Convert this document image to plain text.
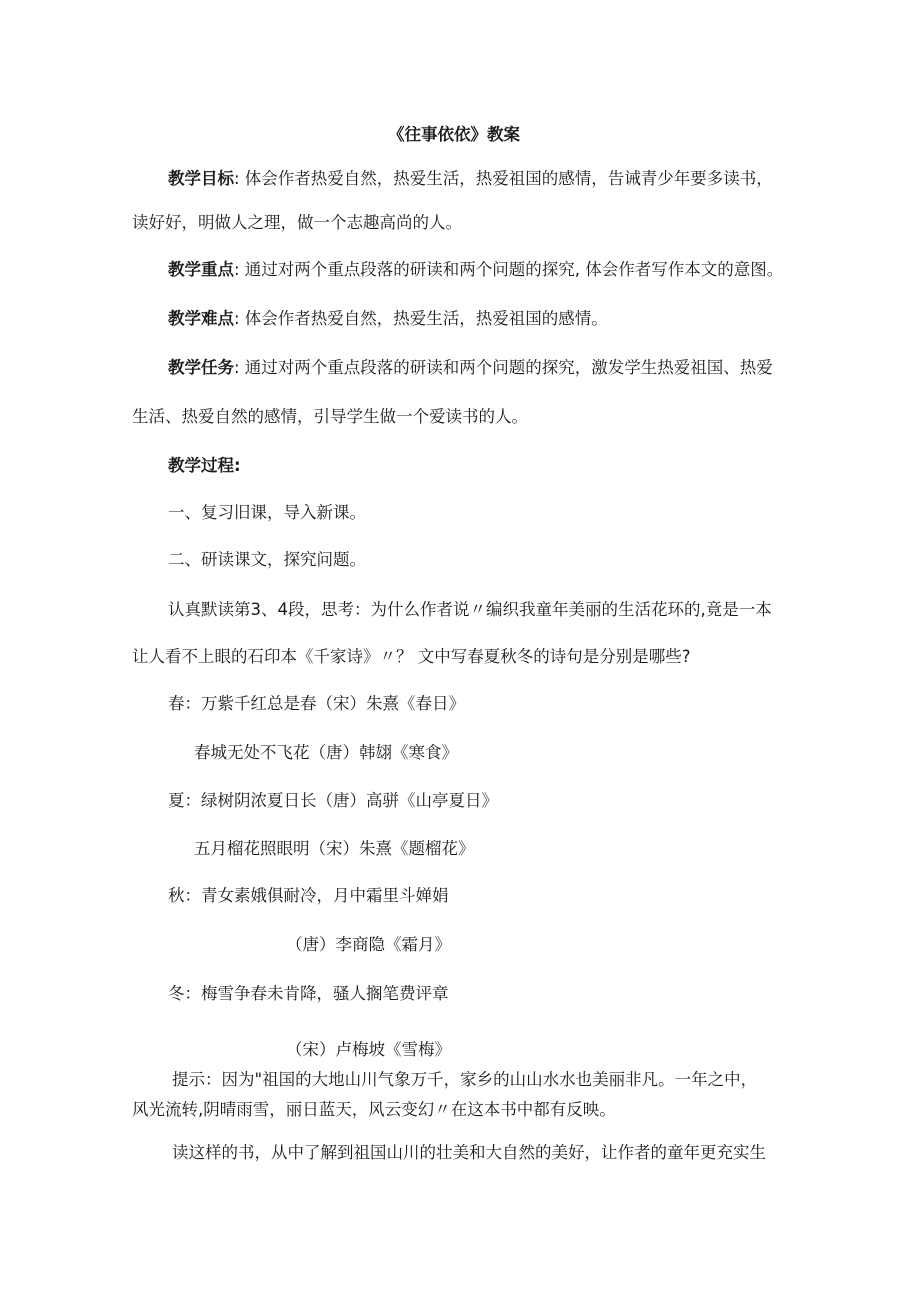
《往事依依》教案
教学目标: 体会作者热爱自然，热爱生活，热爱祖国的感情，告诫青少年要多读书，
读好好，明做人之理，做一个志趣高尚的人。
教学重点: 通过对两个重点段落的研读和两个问题的探究, 体会作者写作本文的意图。
教学难点: 体会作者热爱自然，热爱生活，热爱祖国的感情。
教学任务: 通过对两个重点段落的研读和两个问题的探究，激发学生热爱祖国、热爱
生活、热爱自然的感情，引导学生做一个爱读书的人。
教学过程:
一、复习旧课，导入新课。
二、研读课文，探究问题。
认真默读第3、4段，思考：为什么作者说〃编织我童年美丽的生活花环的,竟是一本
让人看不上眼的石印本《千家诗》〃？ 文中写春夏秋冬的诗句是分别是哪些?
春：万紫千红总是春（宋）朱熹《春日》
春城无处不飞花（唐）韩翃《寒食》
夏：绿树阴浓夏日长（唐）高骈《山亭夏日》
五月榴花照眼明（宋）朱熹《题榴花》
秋：青女素娥俱耐冷，月中霜里斗婵娟
（唐）李商隐《霜月》
冬：梅雪争春未肯降，骚人搁笔费评章
（宋）卢梅坡《雪梅》
提示：因为"祖国的大地山川气象万千，家乡的山山水水也美丽非凡。一年之中，
风光流转,阴晴雨雪，丽日蓝天，风云变幻〃在这本书中都有反映。
读这样的书，从中了解到祖国山川的壮美和大自然的美好，让作者的童年更充实生
